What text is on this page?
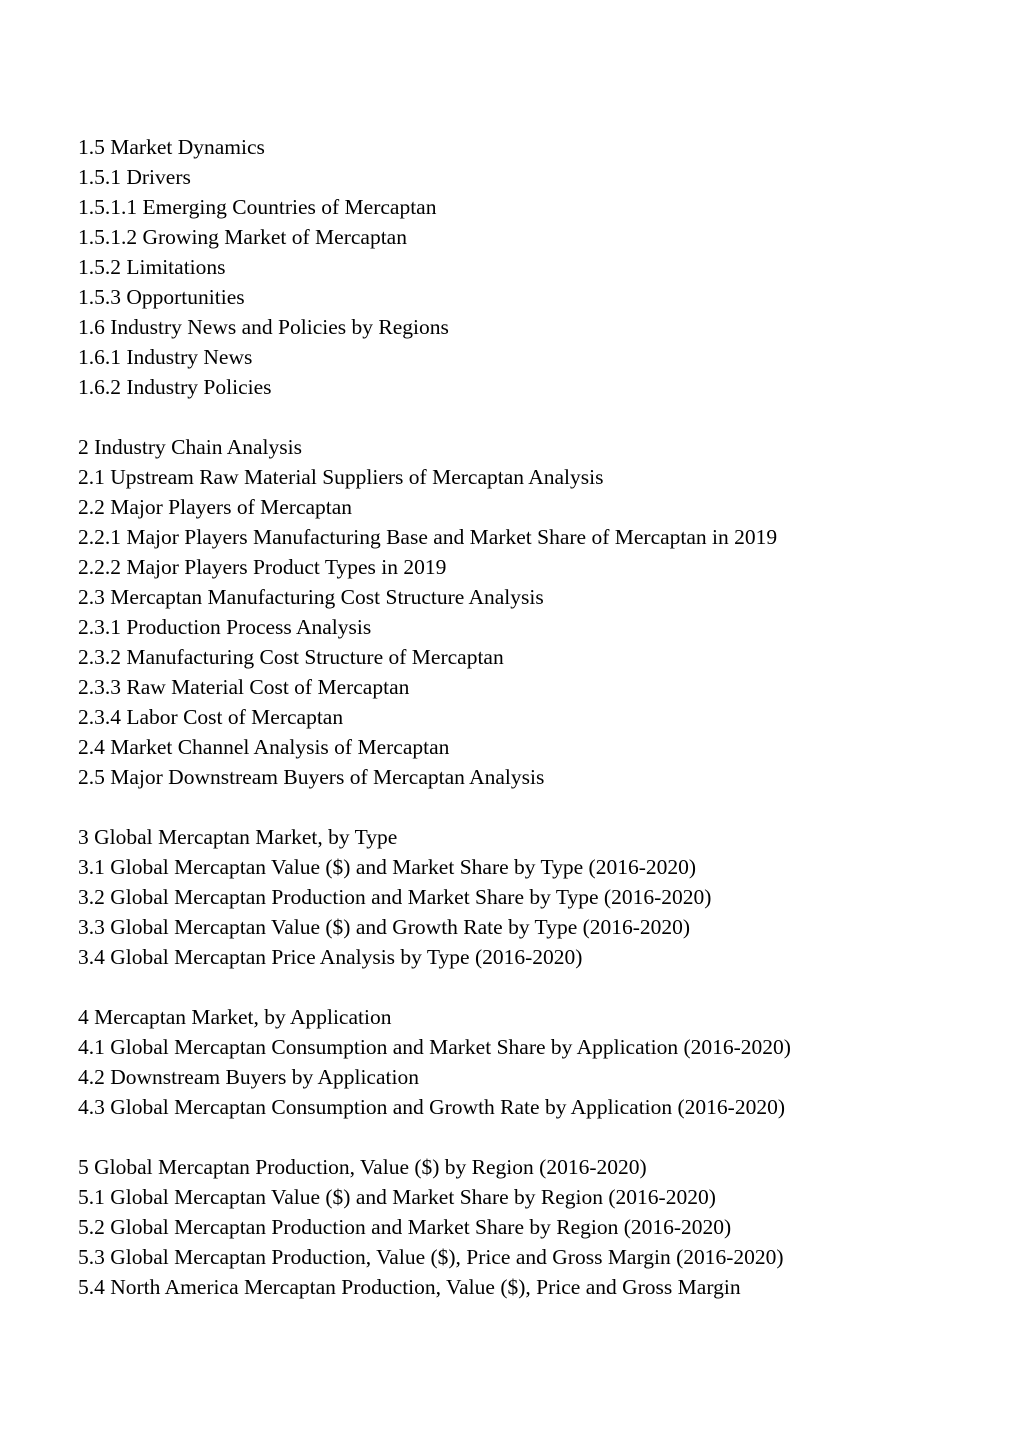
1.5 Market Dynamics
1.5.1 Drivers
1.5.1.1 Emerging Countries of Mercaptan
1.5.1.2 Growing Market of Mercaptan
1.5.2 Limitations
1.5.3 Opportunities
1.6 Industry News and Policies by Regions
1.6.1 Industry News
1.6.2 Industry Policies
2 Industry Chain Analysis
2.1 Upstream Raw Material Suppliers of Mercaptan Analysis
2.2 Major Players of Mercaptan
2.2.1 Major Players Manufacturing Base and Market Share of Mercaptan in 2019
2.2.2 Major Players Product Types in 2019
2.3 Mercaptan Manufacturing Cost Structure Analysis
2.3.1 Production Process Analysis
2.3.2 Manufacturing Cost Structure of Mercaptan
2.3.3 Raw Material Cost of Mercaptan
2.3.4 Labor Cost of Mercaptan
2.4 Market Channel Analysis of Mercaptan
2.5 Major Downstream Buyers of Mercaptan Analysis
3 Global Mercaptan Market, by Type
3.1 Global Mercaptan Value ($) and Market Share by Type (2016-2020)
3.2 Global Mercaptan Production and Market Share by Type (2016-2020)
3.3 Global Mercaptan Value ($) and Growth Rate by Type (2016-2020)
3.4 Global Mercaptan Price Analysis by Type (2016-2020)
4 Mercaptan Market, by Application
4.1 Global Mercaptan Consumption and Market Share by Application (2016-2020)
4.2 Downstream Buyers by Application
4.3 Global Mercaptan Consumption and Growth Rate by Application (2016-2020)
5 Global Mercaptan Production, Value ($) by Region (2016-2020)
5.1 Global Mercaptan Value ($) and Market Share by Region (2016-2020)
5.2 Global Mercaptan Production and Market Share by Region (2016-2020)
5.3 Global Mercaptan Production, Value ($), Price and Gross Margin (2016-2020)
5.4 North America Mercaptan Production, Value ($), Price and Gross Margin
